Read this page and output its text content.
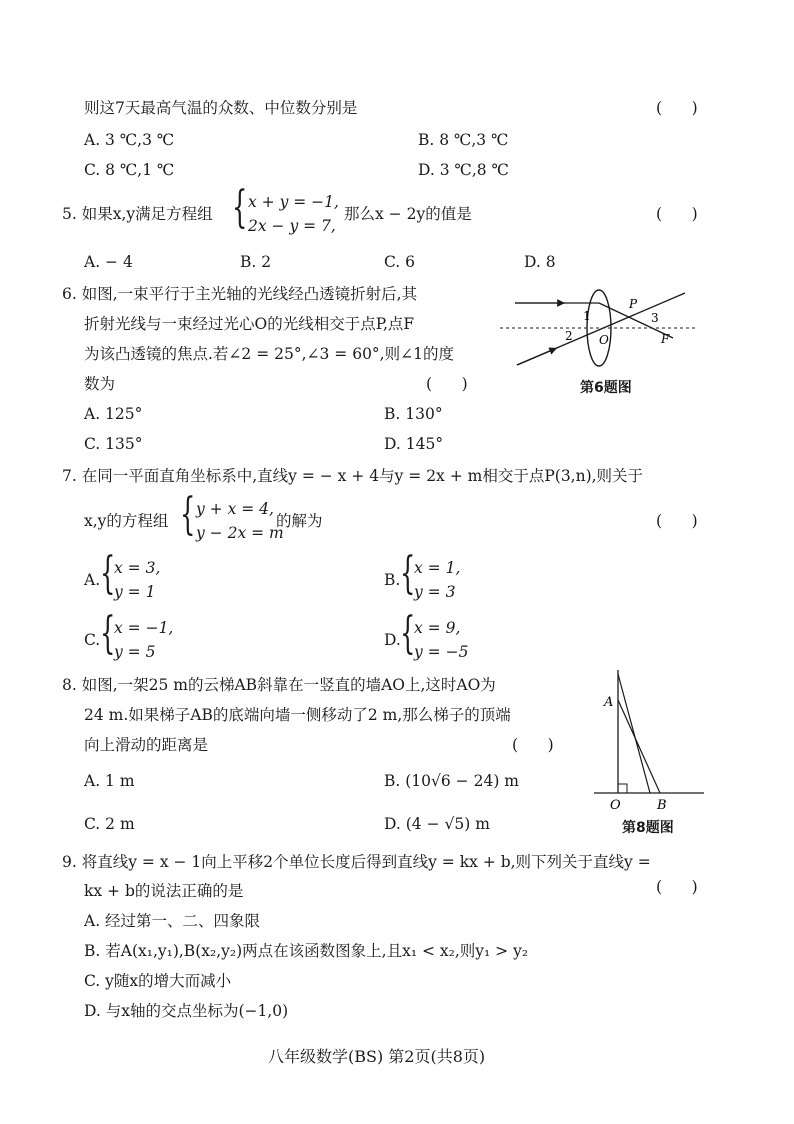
则这7天最高气温的众数、中位数分别是	(      )
A. 3 ℃,3 ℃	B. 8 ℃,3 ℃
C. 8 ℃,1 ℃	D. 3 ℃,8 ℃
5. 如果x,y满足方程组 { x + y = −1,
2x − y = 7,
那么x − 2y的值是	(      )
A. − 4	B. 2	C. 6	D. 8
6. 如图,一束平行于主光轴的光线经凸透镜折射后,其
折射光线与一束经过光心O的光线相交于点P,点F
为该凸透镜的焦点.若∠2 = 25°,∠3 = 60°,则∠1的度
数为	(      )
A. 125°	B. 130°
C. 135°	D. 145°
1
2
3
P
O	F
第6题图
7. 在同一平面直角坐标系中,直线y = − x + 4与y = 2x + m相交于点P(3,n),则关于
x,y的方程组 { y + x = 4,
y − 2x = m
的解为	(      )
A. {
x = 3,
y = 1
B. {
x = 1,
y = 3
C. {
x = −1,
y = 5
D. {
x = 9,
y = −5
8. 如图,一架25 m的云梯AB斜靠在一竖直的墙AO上,这时AO为
24 m.如果梯子AB的底端向墙一侧移动了2 m,那么梯子的顶端
向上滑动的距离是	(      )
A. 1 m	B. (10√6 − 24) m
C. 2 m	D. (4 − √5) m
A
O	B
第8题图
9. 将直线y = x − 1向上平移2个单位长度后得到直线y = kx + b,则下列关于直线y =
kx + b的说法正确的是	(      )
A. 经过第一、二、四象限
B. 若A(x₁,y₁),B(x₂,y₂)两点在该函数图象上,且x₁ < x₂,则y₁ > y₂
C. y随x的增大而减小
D. 与x轴的交点坐标为(−1,0)
八年级数学(BS) 第2页(共8页)
